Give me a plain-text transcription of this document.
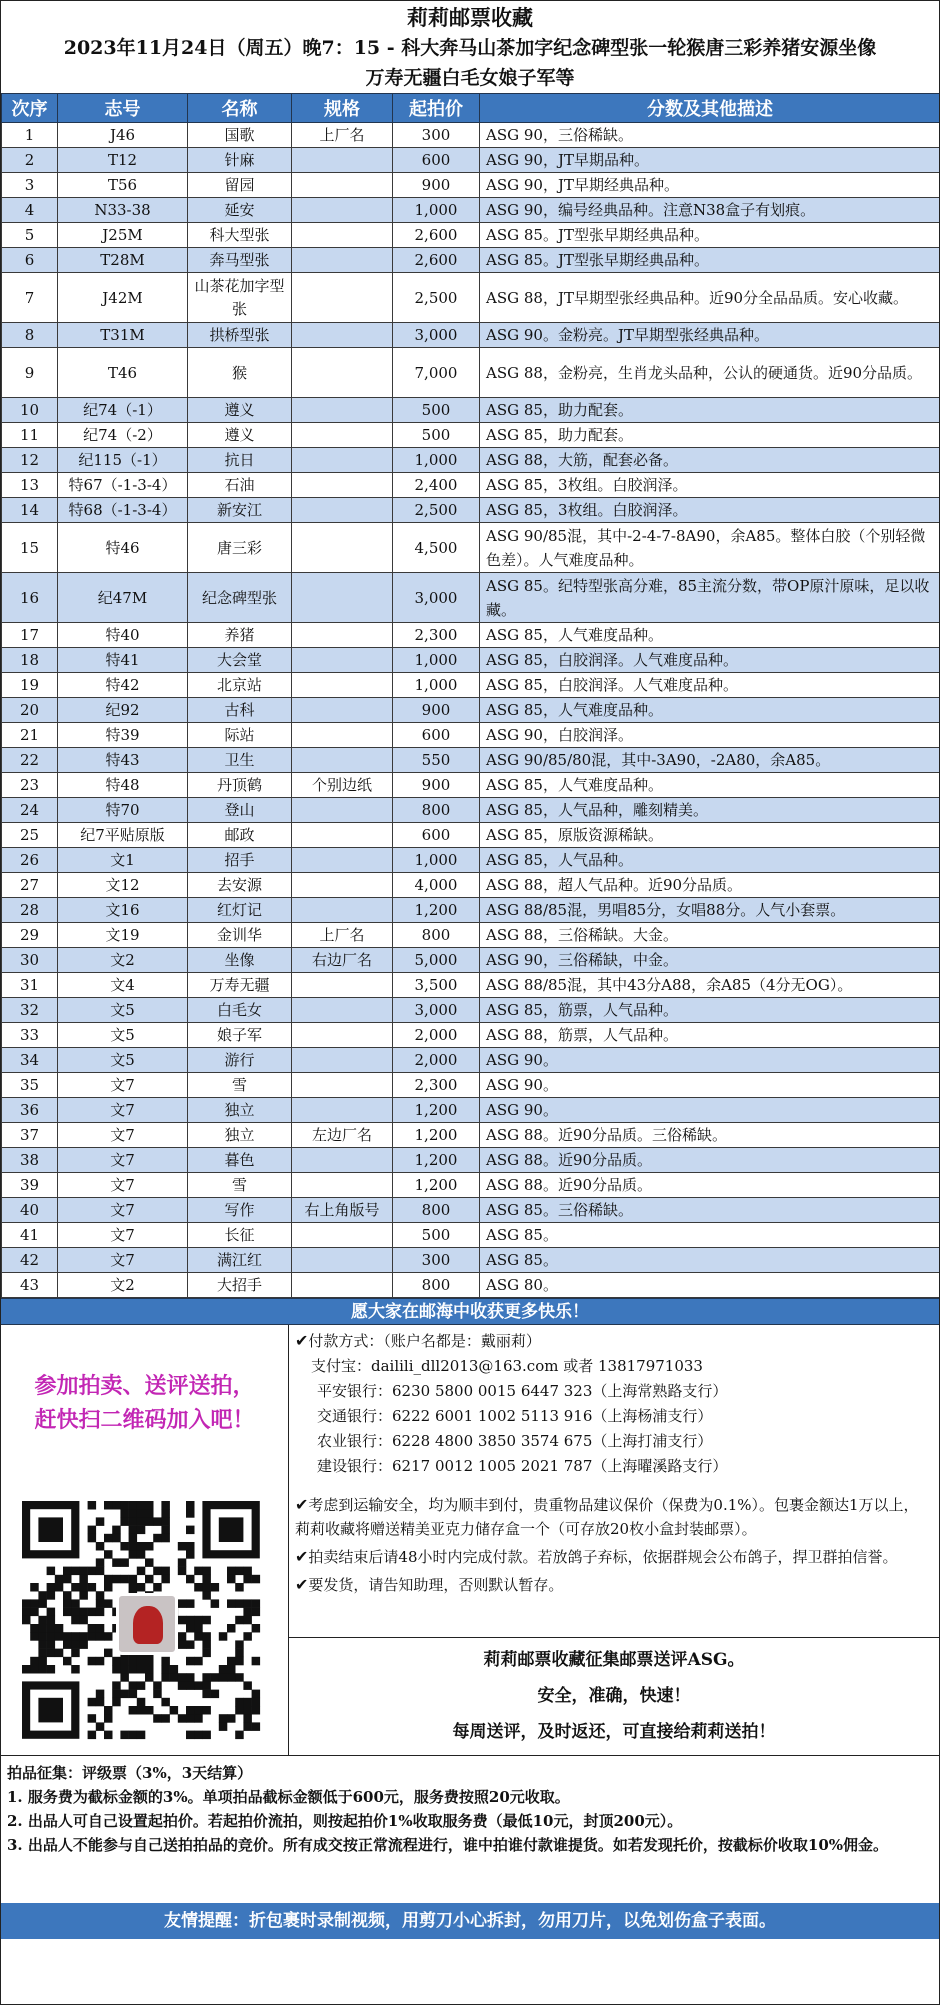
莉莉邮票收藏
2023年11月24日（周五）晚7：15 - 科大奔马山茶加字纪念碑型张一轮猴唐三彩养猪安源坐像
万寿无疆白毛女娘子军等
次序	志号	名称	规格	起拍价	分数及其他描述
1	J46	国歌	上厂名	300	ASG 90，三俗稀缺。
2	T12	针麻		600	ASG 90，JT早期品种。
3	T56	留园		900	ASG 90，JT早期经典品种。
4	N33-38	延安		1,000	ASG 90，编号经典品种。注意N38盒子有划痕。
5	J25M	科大型张		2,600	ASG 85。JT型张早期经典品种。
6	T28M	奔马型张		2,600	ASG 85。JT型张早期经典品种。
7	J42M	山茶花加字型张		2,500	ASG 88，JT早期型张经典品种。近90分全品品质。安心收藏。
8	T31M	拱桥型张		3,000	ASG 90。金粉亮。JT早期型张经典品种。
9	T46	猴		7,000	ASG 88，金粉亮，生肖龙头品种，公认的硬通货。近90分品质。
10	纪74（-1）	遵义		500	ASG 85，助力配套。
11	纪74（-2）	遵义		500	ASG 85，助力配套。
12	纪115（-1）	抗日		1,000	ASG 88，大筋，配套必备。
13	特67（-1-3-4）	石油		2,400	ASG 85，3枚组。白胶润泽。
14	特68（-1-3-4）	新安江		2,500	ASG 85，3枚组。白胶润泽。
15	特46	唐三彩		4,500	ASG 90/85混，其中-2-4-7-8A90，余A85。整体白胶（个别轻微色差）。人气难度品种。
16	纪47M	纪念碑型张		3,000	ASG 85。纪特型张高分难，85主流分数，带OP原汁原味，足以收藏。
17	特40	养猪		2,300	ASG 85，人气难度品种。
18	特41	大会堂		1,000	ASG 85，白胶润泽。人气难度品种。
19	特42	北京站		1,000	ASG 85，白胶润泽。人气难度品种。
20	纪92	古科		900	ASG 85，人气难度品种。
21	特39	际站		600	ASG 90，白胶润泽。
22	特43	卫生		550	ASG 90/85/80混，其中-3A90，-2A80，余A85。
23	特48	丹顶鹤	个别边纸	900	ASG 85，人气难度品种。
24	特70	登山		800	ASG 85，人气品种，雕刻精美。
25	纪7平贴原版	邮政		600	ASG 85，原版资源稀缺。
26	文1	招手		1,000	ASG 85，人气品种。
27	文12	去安源		4,000	ASG 88，超人气品种。近90分品质。
28	文16	红灯记		1,200	ASG 88/85混，男唱85分，女唱88分。人气小套票。
29	文19	金训华	上厂名	800	ASG 88，三俗稀缺。大金。
30	文2	坐像	右边厂名	5,000	ASG 90，三俗稀缺，中金。
31	文4	万寿无疆		3,500	ASG 88/85混，其中43分A88，余A85（4分无OG）。
32	文5	白毛女		3,000	ASG 85，筋票，人气品种。
33	文5	娘子军		2,000	ASG 88，筋票，人气品种。
34	文5	游行		2,000	ASG 90。
35	文7	雪		2,300	ASG 90。
36	文7	独立		1,200	ASG 90。
37	文7	独立	左边厂名	1,200	ASG 88。近90分品质。三俗稀缺。
38	文7	暮色		1,200	ASG 88。近90分品质。
39	文7	雪		1,200	ASG 88。近90分品质。
40	文7	写作	右上角版号	800	ASG 85。三俗稀缺。
41	文7	长征		500	ASG 85。
42	文7	满江红		300	ASG 85。
43	文2	大招手		800	ASG 80。
愿大家在邮海中收获更多快乐！
参加拍卖、送评送拍，
赶快扫二维码加入吧！
✔付款方式：（账户名都是：戴丽莉）
支付宝：dailili_dll2013@163.com 或者 13817971033
平安银行：6230 5800 0015 6447 323（上海常熟路支行）
交通银行：6222 6001 1002 5113 916（上海杨浦支行）
农业银行：6228 4800 3850 3574 675（上海打浦支行）
建设银行：6217 0012 1005 2021 787（上海曜溪路支行）
✔考虑到运输安全，均为顺丰到付，贵重物品建议保价（保费为0.1%）。包裹金额达1万以上，莉莉收藏将赠送精美亚克力储存盒一个（可存放20枚小盒封装邮票）。
✔拍卖结束后请48小时内完成付款。若放鸽子弃标，依据群规会公布鸽子，捍卫群拍信誉。
✔要发货，请告知助理，否则默认暂存。
莉莉邮票收藏征集邮票送评ASG。
安全，准确，快速！
每周送评，及时返还，可直接给莉莉送拍！
拍品征集：评级票（3%，3天结算）
1. 服务费为截标金额的3%。单项拍品截标金额低于600元，服务费按照20元收取。
2. 出品人可自己设置起拍价。若起拍价流拍，则按起拍价1%收取服务费（最低10元，封顶200元）。
3. 出品人不能参与自己送拍拍品的竞价。所有成交按正常流程进行，谁中拍谁付款谁提货。如若发现托价，按截标价收取10%佣金。
友情提醒：折包裹时录制视频，用剪刀小心拆封，勿用刀片，以免划伤盒子表面。
